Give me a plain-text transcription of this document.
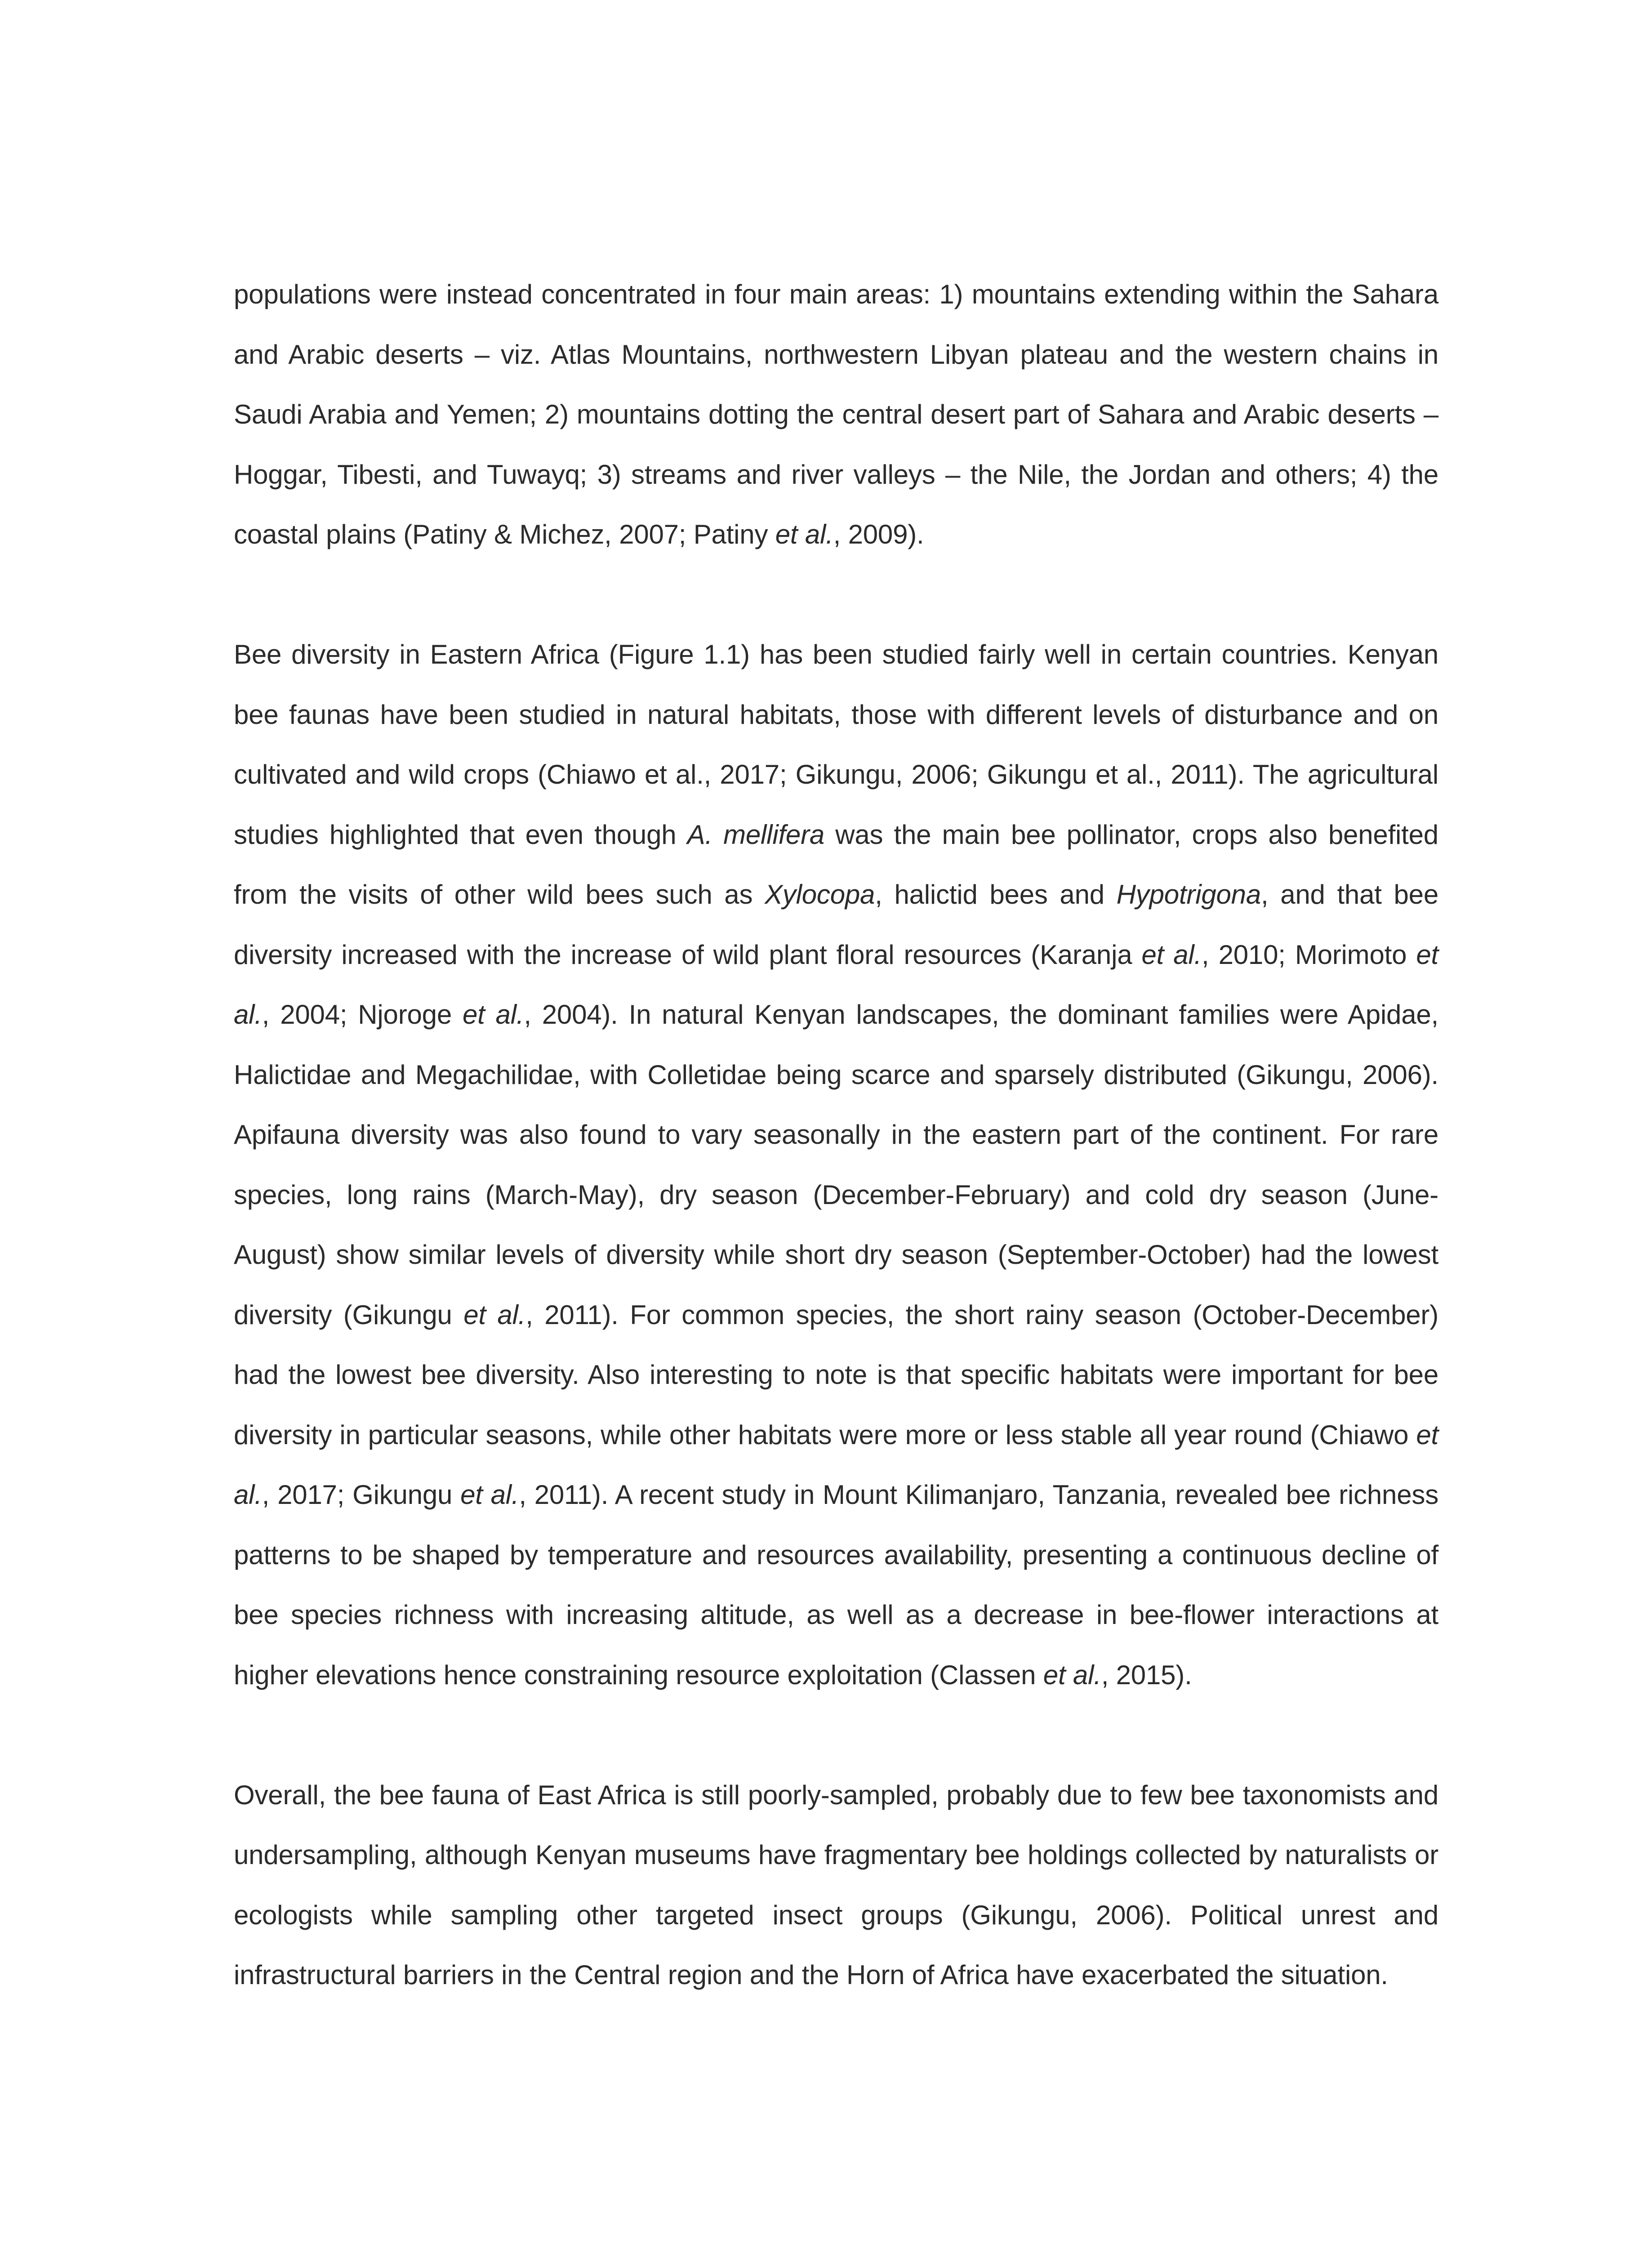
populations were instead concentrated in four main areas: 1) mountains extending within the Sahara and Arabic deserts – viz. Atlas Mountains, northwestern Libyan plateau and the western chains in Saudi Arabia and Yemen; 2) mountains dotting the central desert part of Sahara and Arabic deserts – Hoggar, Tibesti, and Tuwayq; 3) streams and river valleys – the Nile, the Jordan and others; 4) the coastal plains (Patiny & Michez, 2007; Patiny et al., 2009).

Bee diversity in Eastern Africa (Figure 1.1) has been studied fairly well in certain countries. Kenyan bee faunas have been studied in natural habitats, those with different levels of disturbance and on cultivated and wild crops (Chiawo et al., 2017; Gikungu, 2006; Gikungu et al., 2011). The agricultural studies highlighted that even though A. mellifera was the main bee pollinator, crops also benefited from the visits of other wild bees such as Xylocopa, halictid bees and Hypotrigona, and that bee diversity increased with the increase of wild plant floral resources (Karanja et al., 2010; Morimoto et al., 2004; Njoroge et al., 2004). In natural Kenyan landscapes, the dominant families were Apidae, Halictidae and Megachilidae, with Colletidae being scarce and sparsely distributed (Gikungu, 2006). Apifauna diversity was also found to vary seasonally in the eastern part of the continent. For rare species, long rains (March-May), dry season (December-February) and cold dry season (June-August) show similar levels of diversity while short dry season (September-October) had the lowest diversity (Gikungu et al., 2011). For common species, the short rainy season (October-December) had the lowest bee diversity. Also interesting to note is that specific habitats were important for bee diversity in particular seasons, while other habitats were more or less stable all year round (Chiawo et al., 2017; Gikungu et al., 2011). A recent study in Mount Kilimanjaro, Tanzania, revealed bee richness patterns to be shaped by temperature and resources availability, presenting a continuous decline of bee species richness with increasing altitude, as well as a decrease in bee-flower interactions at higher elevations hence constraining resource exploitation (Classen et al., 2015).

Overall, the bee fauna of East Africa is still poorly-sampled, probably due to few bee taxonomists and undersampling, although Kenyan museums have fragmentary bee holdings collected by naturalists or ecologists while sampling other targeted insect groups (Gikungu, 2006). Political unrest and infrastructural barriers in the Central region and the Horn of Africa have exacerbated the situation.
